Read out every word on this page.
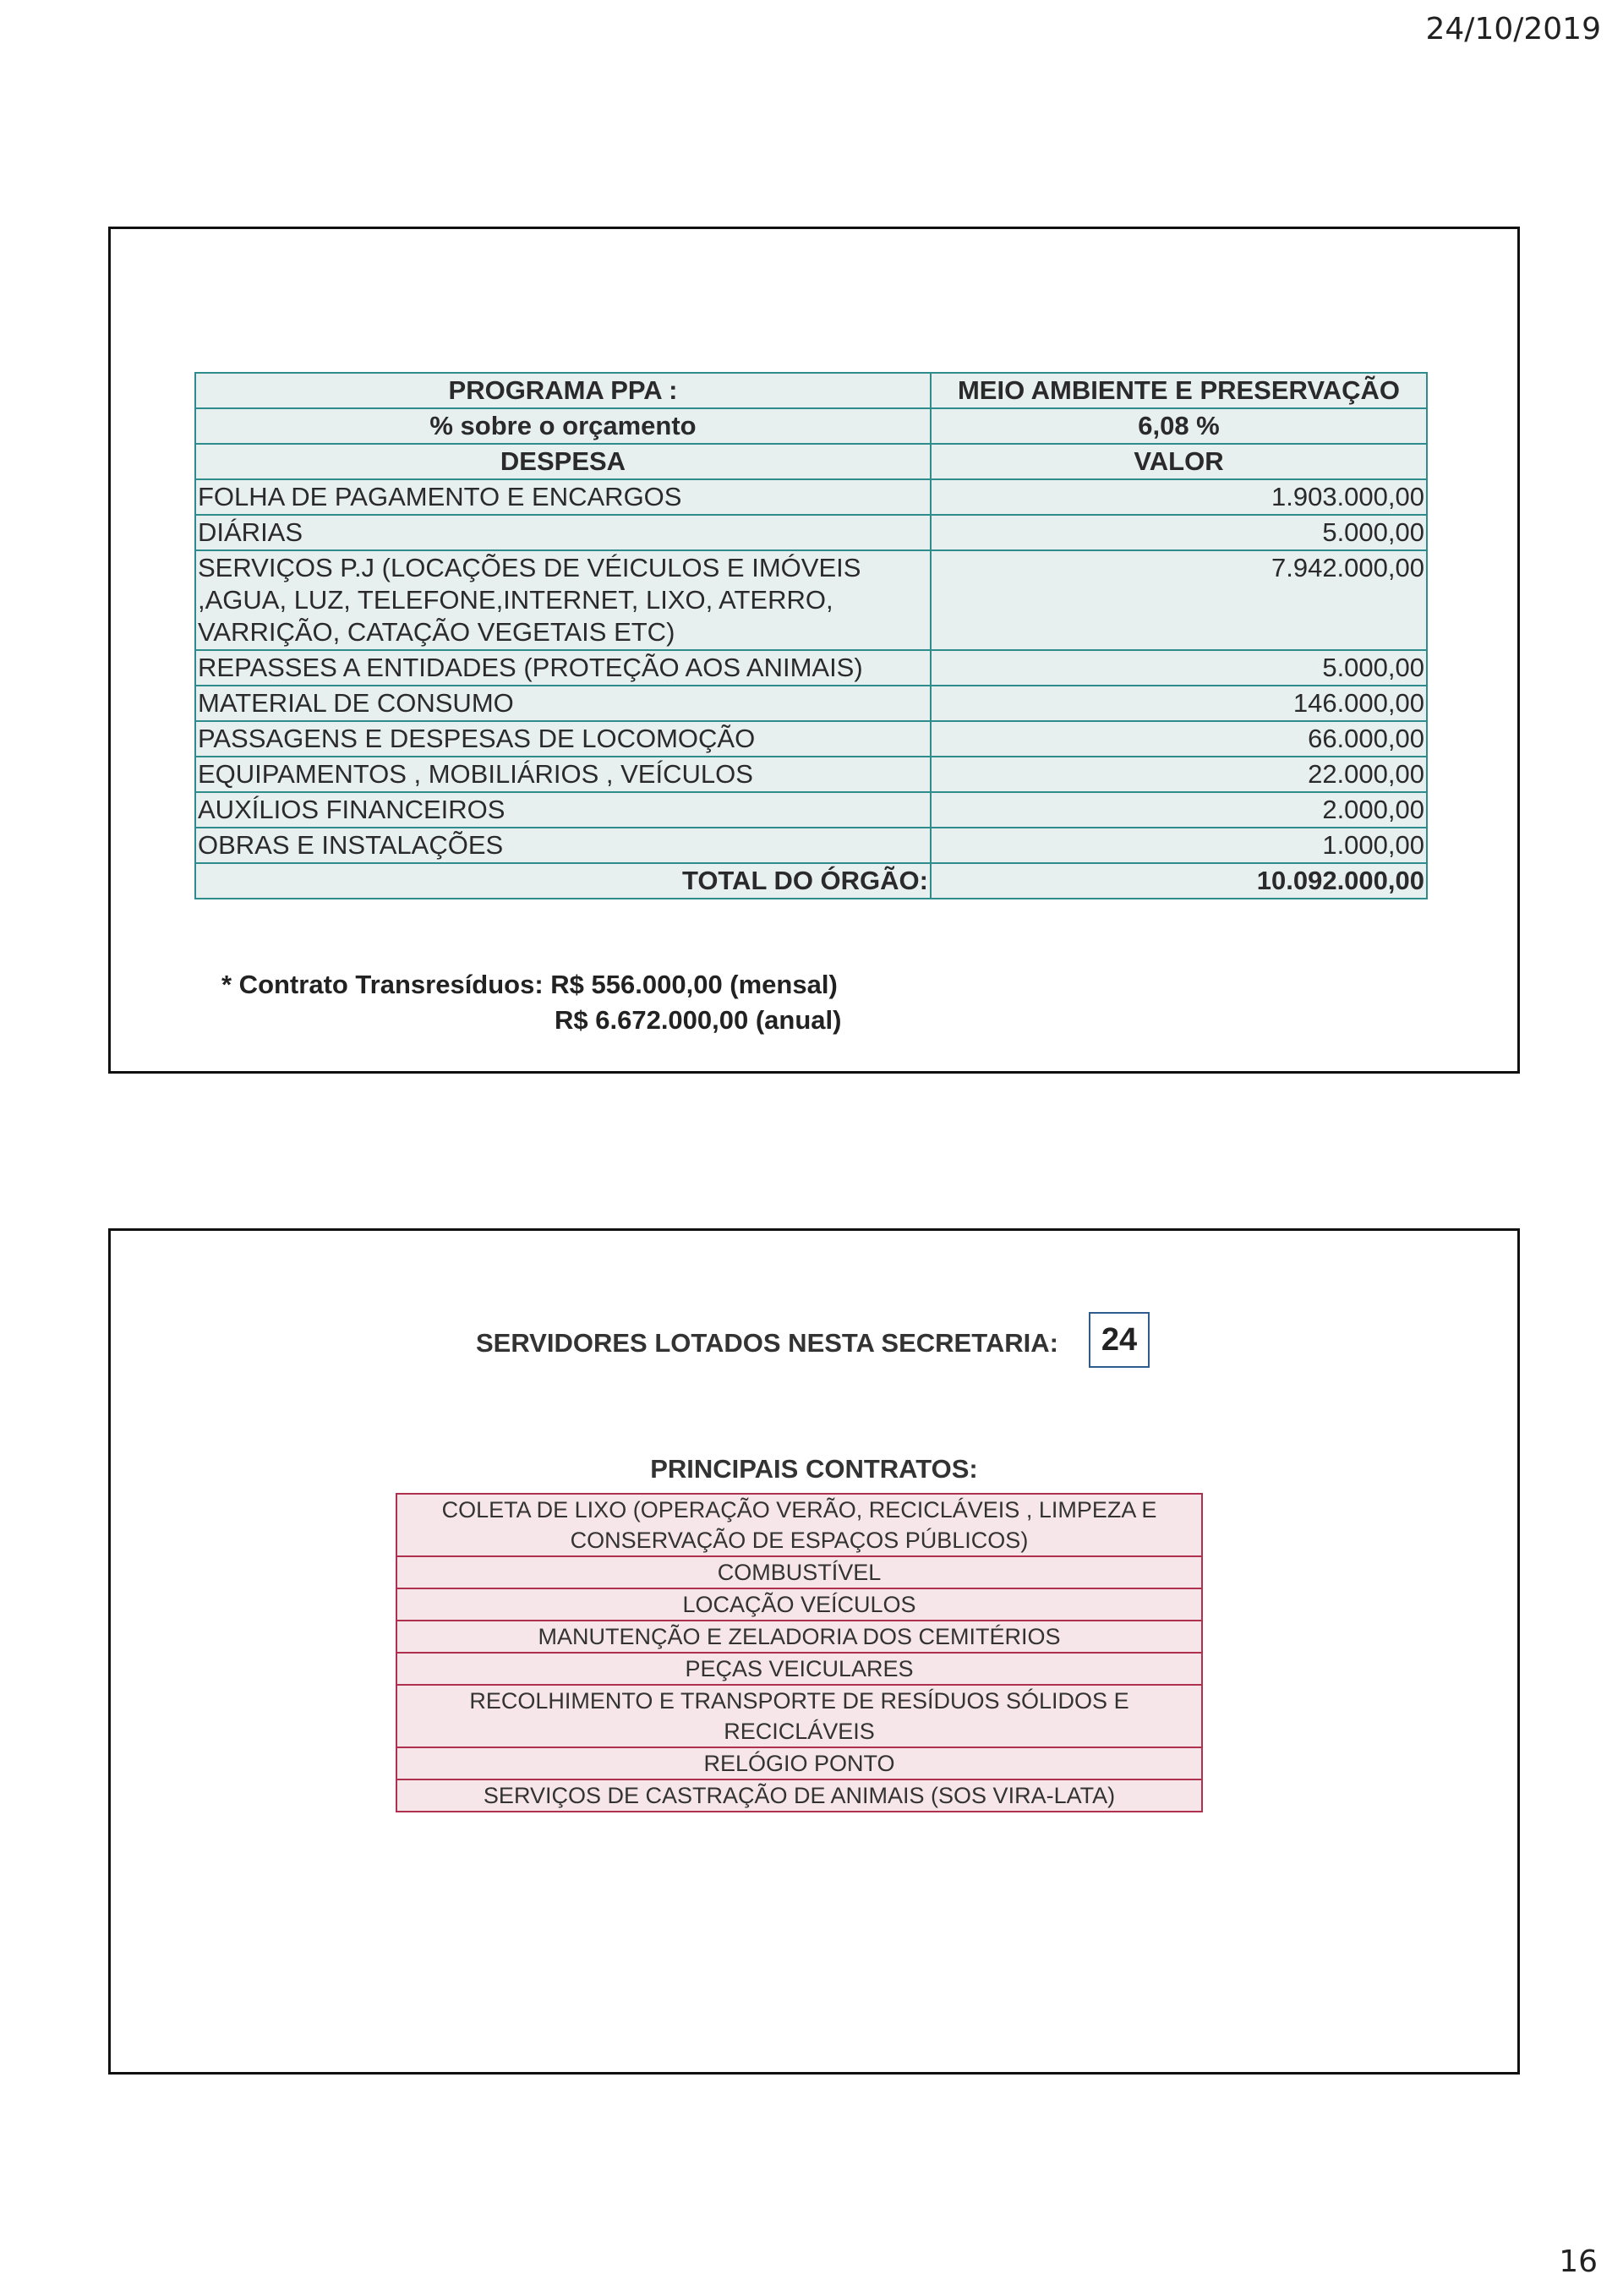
24/10/2019
PROGRAMA PPA :	MEIO AMBIENTE E PRESERVAÇÃO
% sobre o orçamento	6,08 %
DESPESA	VALOR
FOLHA DE PAGAMENTO E ENCARGOS	1.903.000,00
DIÁRIAS	5.000,00

SERVIÇOS P.J (LOCAÇÕES DE VÉICULOS E IMÓVEIS
,AGUA, LUZ, TELEFONE,INTERNET, LIXO, ATERRO,
VARRIÇÃO, CATAÇÃO VEGETAIS ETC)	7.942.000,00
REPASSES A ENTIDADES (PROTEÇÃO AOS ANIMAIS)	5.000,00
MATERIAL DE CONSUMO	146.000,00
PASSAGENS E DESPESAS DE LOCOMOÇÃO	66.000,00
EQUIPAMENTOS , MOBILIÁRIOS , VEÍCULOS	22.000,00
AUXÍLIOS FINANCEIROS	2.000,00
OBRAS E INSTALAÇÕES	1.000,00
TOTAL DO ÓRGÃO:	10.092.000,00
* Contrato Transresíduos: R$ 556.000,00 (mensal)
R$ 6.672.000,00 (anual)
SERVIDORES LOTADOS NESTA SECRETARIA:	24
PRINCIPAIS CONTRATOS:
COLETA DE LIXO (OPERAÇÃO VERÃO, RECICLÁVEIS , LIMPEZA E
CONSERVAÇÃO DE ESPAÇOS PÚBLICOS)

COMBUSTÍVEL

LOCAÇÃO VEÍCULOS

MANUTENÇÃO E ZELADORIA DOS CEMITÉRIOS

PEÇAS VEICULARES

RECOLHIMENTO E TRANSPORTE DE RESÍDUOS SÓLIDOS E
RECICLÁVEIS

RELÓGIO PONTO

SERVIÇOS DE CASTRAÇÃO DE ANIMAIS (SOS VIRA-LATA)
16
